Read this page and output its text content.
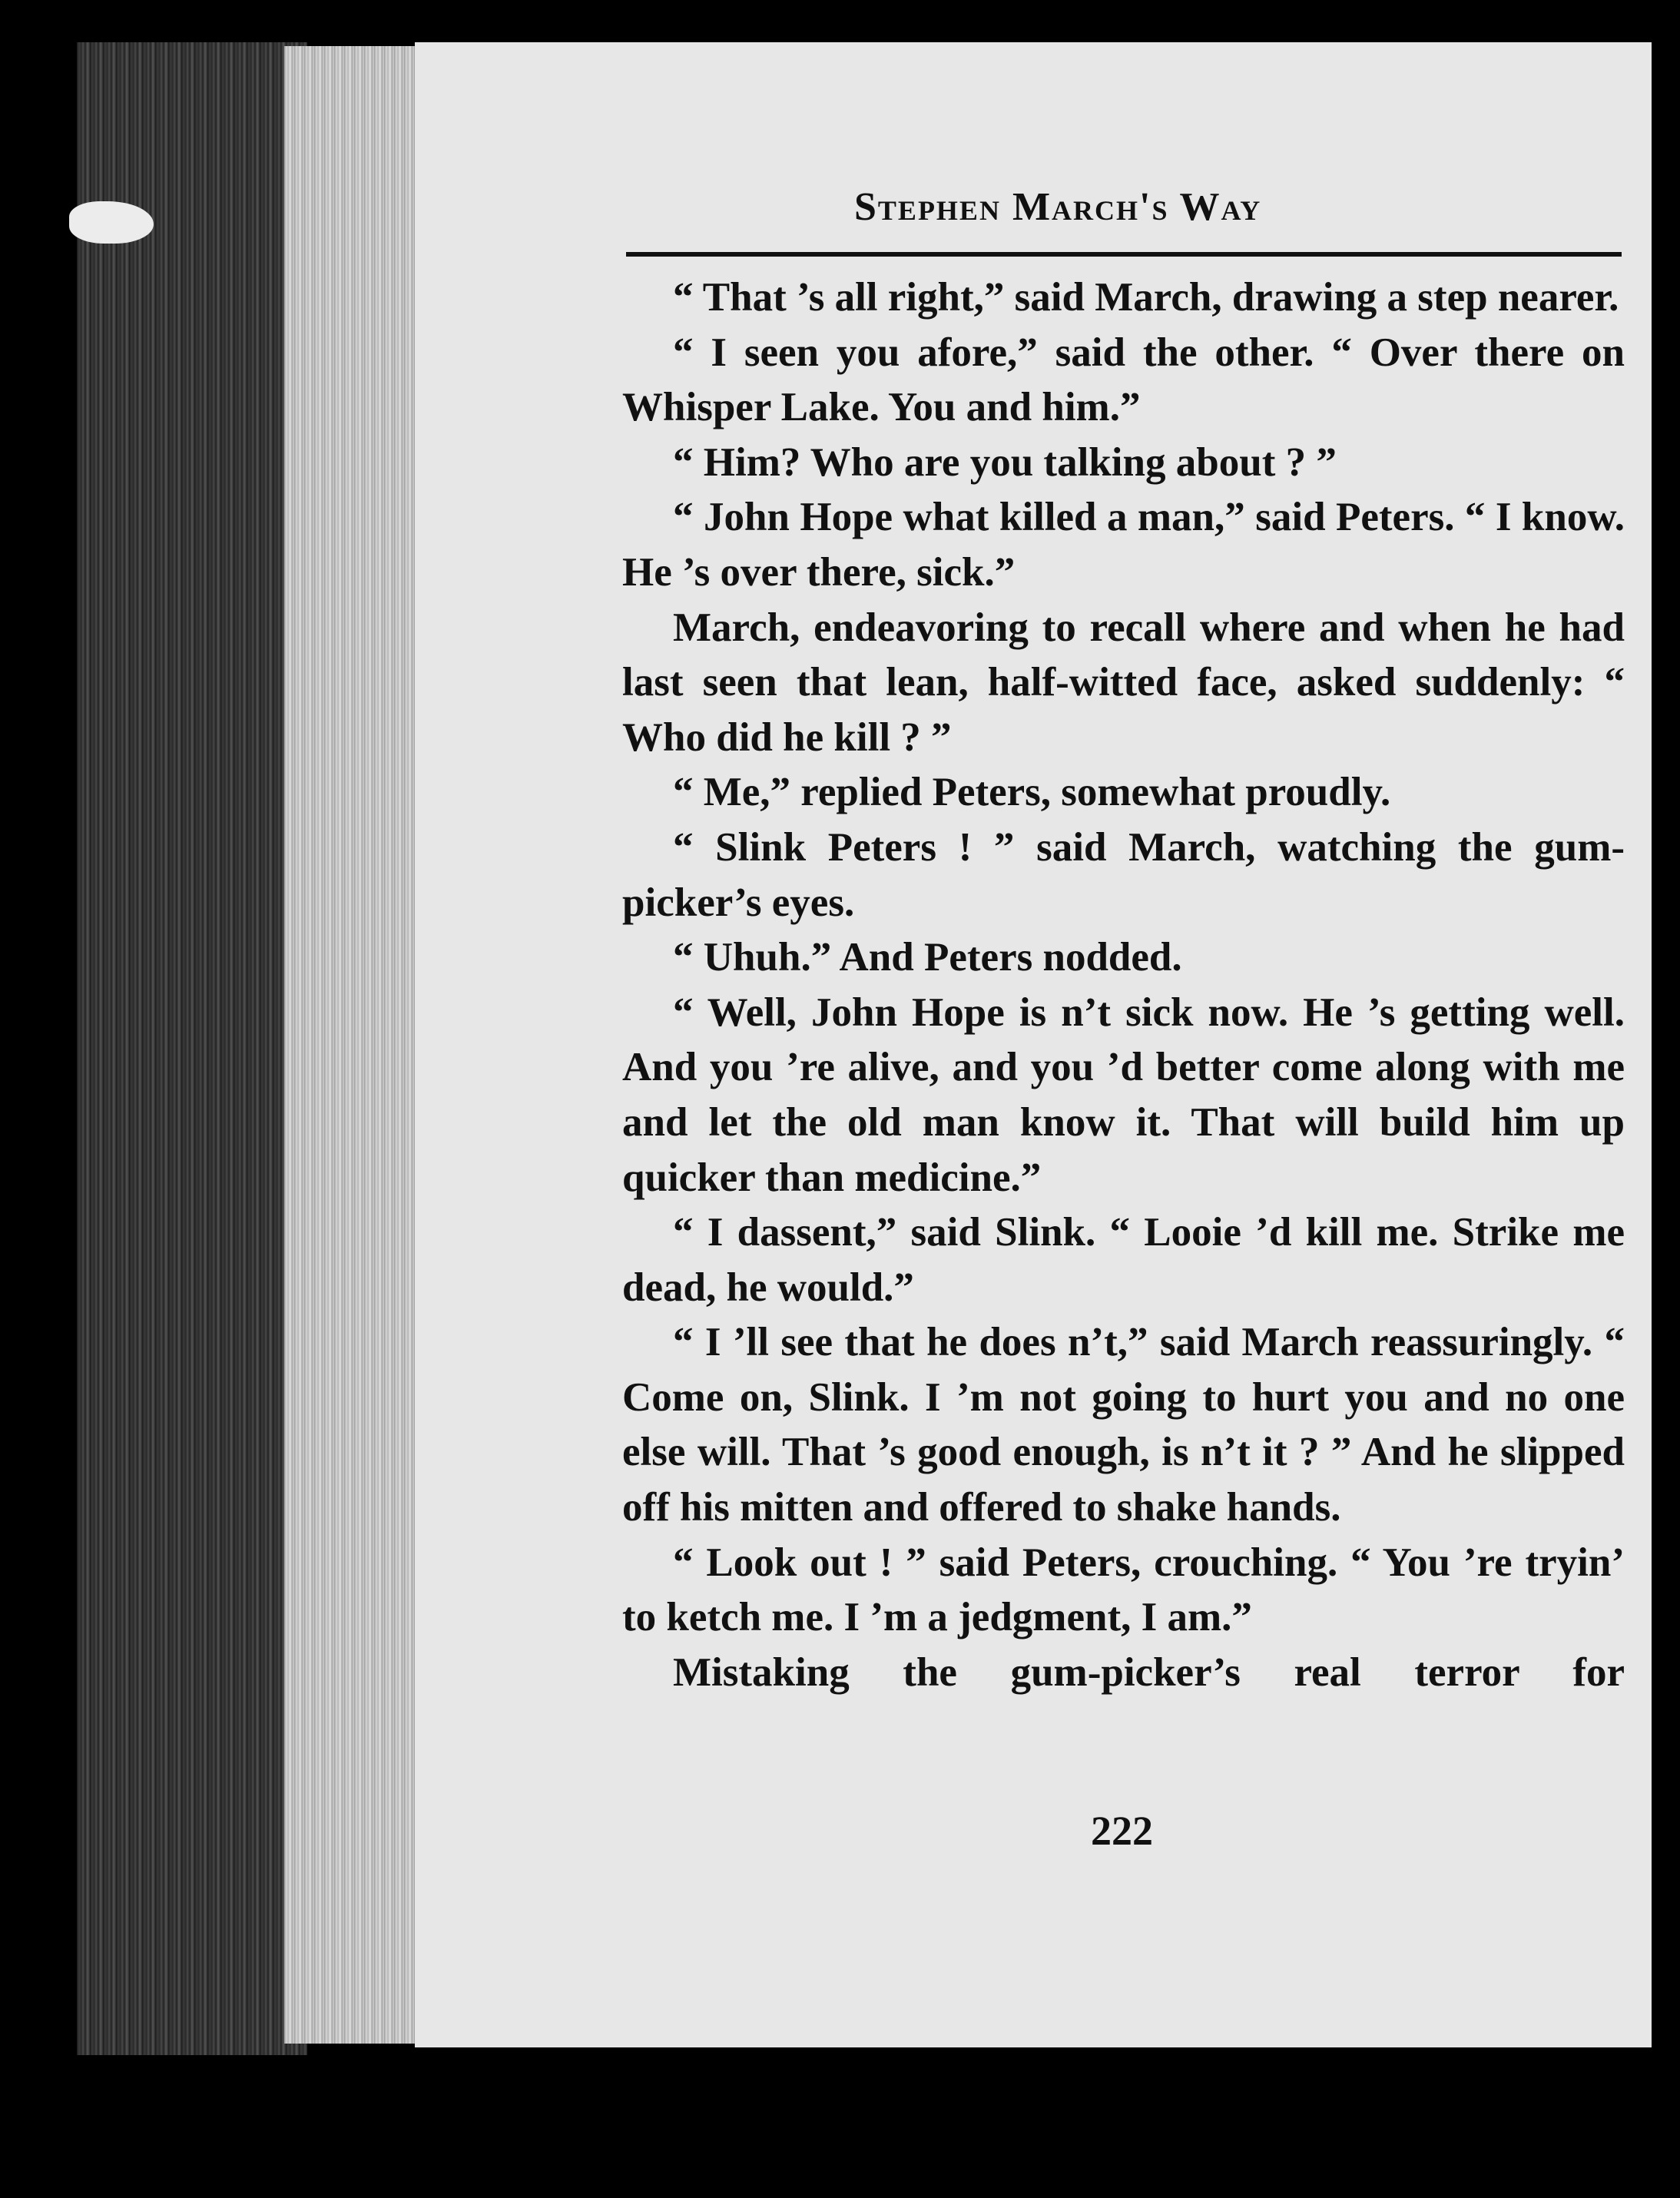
Stephen March's Way

“ That ’s all right,” said March, drawing a step nearer.

“ I seen you afore,” said the other. “ Over there on Whisper Lake. You and him.”

“ Him? Who are you talking about ? ”

“ John Hope what killed a man,” said Peters. “ I know. He ’s over there, sick.”

March, endeavoring to recall where and when he had last seen that lean, half-witted face, asked suddenly: “ Who did he kill ? ”

“ Me,” replied Peters, somewhat proudly.

“ Slink Peters ! ” said March, watching the gum-picker’s eyes.

“ Uhuh.” And Peters nodded.

“ Well, John Hope is n’t sick now. He ’s getting well. And you ’re alive, and you ’d better come along with me and let the old man know it. That will build him up quicker than medicine.”

“ I dassent,” said Slink. “ Looie ’d kill me. Strike me dead, he would.”

“ I ’ll see that he does n’t,” said March reassuringly. “ Come on, Slink. I ’m not going to hurt you and no one else will. That ’s good enough, is n’t it ? ” And he slipped off his mitten and offered to shake hands.

“ Look out ! ” said Peters, crouching. “ You ’re tryin’ to ketch me. I ’m a jedgment, I am.”

Mistaking the gum-picker’s real terror for

222
